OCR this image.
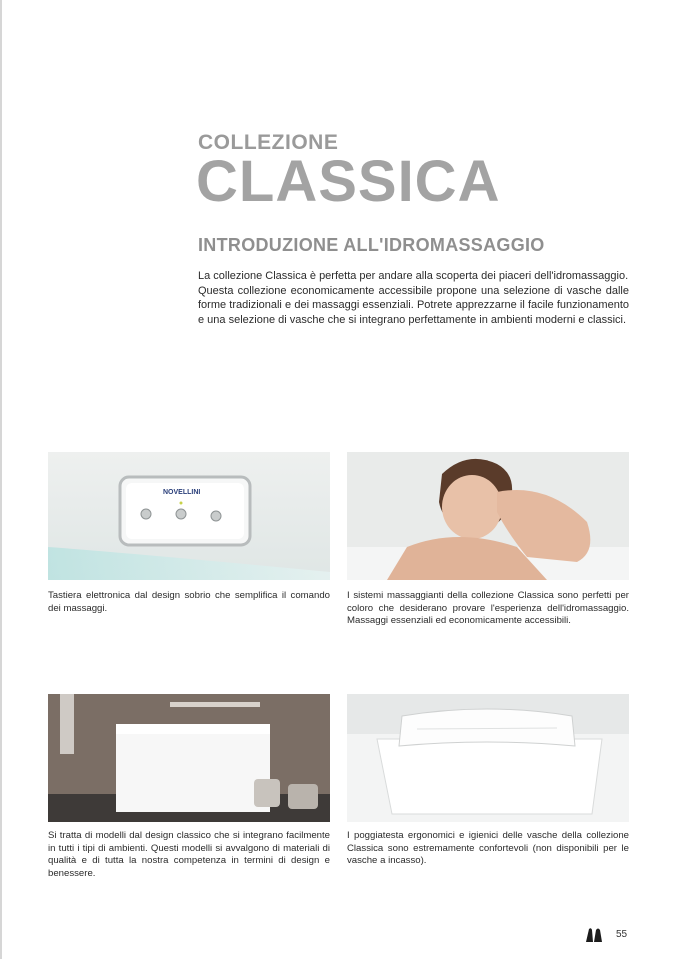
COLLEZIONE
CLASSICA
INTRODUZIONE ALL'IDROMASSAGGIO

La collezione Classica è perfetta per andare alla scoperta dei piaceri dell'idromassaggio.

Questa collezione economicamente accessibile propone una selezione di vasche dalle forme tradizionali e dei massaggi essenziali. Potrete apprezzarne il facile funzionamento e una selezione di vasche che si integrano perfettamente in ambienti moderni e classici.

NOVELLINI

Tastiera elettronica dal design sobrio che semplifica il comando dei massaggi.

I sistemi massaggianti della collezione Classica sono perfetti per coloro che desiderano provare l'esperienza dell'idromassaggio. Massaggi essenziali ed economicamente accessibili.

Si tratta di modelli dal design classico che si integrano facilmente in tutti i tipi di ambienti. Questi modelli si avvalgono di materiali di qualità e di tutta la nostra competenza in termini di design e benessere.

I poggiatesta ergonomici e igienici delle vasche della collezione Classica sono estremamente confortevoli (non disponibili per le vasche a incasso).

55
